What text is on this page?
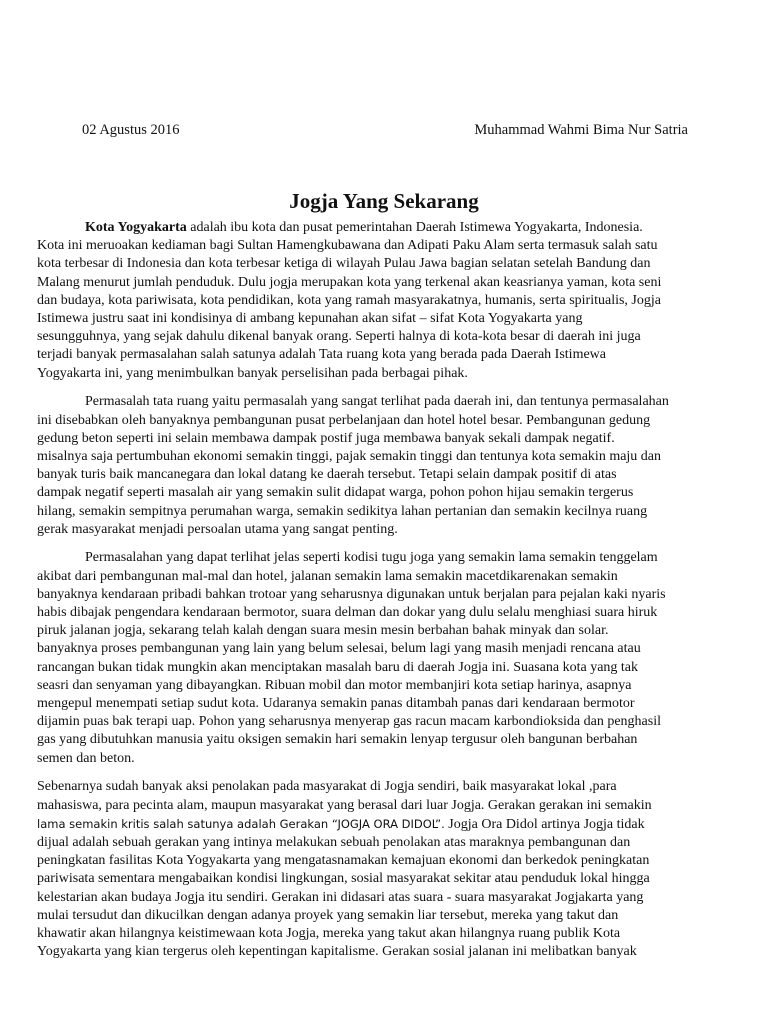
02 Agustus 2016	Muhammad Wahmi Bima Nur Satria
Jogja Yang Sekarang
Kota Yogyakarta adalah ibu kota dan pusat pemerintahan Daerah Istimewa Yogyakarta, Indonesia.
Kota ini meruoakan kediaman bagi Sultan Hamengkubawana dan Adipati Paku Alam serta termasuk salah satu
kota terbesar di Indonesia dan kota terbesar ketiga di wilayah Pulau Jawa bagian selatan setelah Bandung dan
Malang menurut jumlah penduduk. Dulu jogja merupakan kota yang terkenal akan keasrianya yaman, kota seni
dan budaya, kota pariwisata, kota pendidikan, kota yang ramah masyarakatnya, humanis, serta spiritualis, Jogja
Istimewa justru saat ini kondisinya di ambang kepunahan akan sifat – sifat Kota Yogyakarta yang
sesungguhnya, yang sejak dahulu dikenal banyak orang. Seperti halnya di kota-kota besar di daerah ini juga
terjadi banyak permasalahan salah satunya adalah Tata ruang kota yang berada pada Daerah Istimewa
Yogyakarta ini, yang menimbulkan banyak perselisihan pada berbagai pihak.
Permasalah tata ruang yaitu permasalah yang sangat terlihat pada daerah ini, dan tentunya permasalahan
ini disebabkan oleh banyaknya pembangunan pusat perbelanjaan dan hotel hotel besar. Pembangunan gedung
gedung beton seperti ini selain membawa dampak postif juga membawa banyak sekali dampak negatif.
misalnya saja pertumbuhan ekonomi semakin tinggi, pajak semakin tinggi dan tentunya kota semakin maju dan
banyak turis baik mancanegara dan lokal datang ke daerah tersebut. Tetapi selain dampak positif di atas
dampak negatif seperti masalah air yang semakin sulit didapat warga, pohon pohon hijau semakin tergerus
hilang, semakin sempitnya perumahan warga, semakin sedikitya lahan pertanian dan semakin kecilnya ruang
gerak masyarakat menjadi persoalan utama yang sangat penting.
Permasalahan yang dapat terlihat jelas seperti kodisi tugu joga yang semakin lama semakin tenggelam
akibat dari pembangunan mal-mal dan hotel, jalanan semakin lama semakin macetdikarenakan semakin
banyaknya kendaraan pribadi bahkan trotoar yang seharusnya digunakan untuk berjalan para pejalan kaki nyaris
habis dibajak pengendara kendaraan bermotor, suara delman dan dokar yang dulu selalu menghiasi suara hiruk
piruk jalanan jogja, sekarang telah kalah dengan suara mesin mesin berbahan bahak minyak dan solar.
banyaknya proses pembangunan yang lain yang belum selesai, belum lagi yang masih menjadi rencana atau
rancangan bukan tidak mungkin akan menciptakan masalah baru di daerah Jogja ini. Suasana kota yang tak
seasri dan senyaman yang dibayangkan. Ribuan mobil dan motor membanjiri kota setiap harinya, asapnya
mengepul menempati setiap sudut kota. Udaranya semakin panas ditambah panas dari kendaraan bermotor
dijamin puas bak terapi uap. Pohon yang seharusnya menyerap gas racun macam karbondioksida dan penghasil
gas yang dibutuhkan manusia yaitu oksigen semakin hari semakin lenyap tergusur oleh bangunan berbahan
semen dan beton.
Sebenarnya sudah banyak aksi penolakan pada masyarakat di Jogja sendiri, baik masyarakat lokal ,para
mahasiswa, para pecinta alam, maupun masyarakat yang berasal dari luar Jogja. Gerakan gerakan ini semakin
lama semakin kritis salah satunya adalah Gerakan “JOGJA ORA DIDOL”. Jogja Ora Didol artinya Jogja tidak
dijual adalah sebuah gerakan yang intinya melakukan sebuah penolakan atas maraknya pembangunan dan
peningkatan fasilitas Kota Yogyakarta yang mengatasnamakan kemajuan ekonomi dan berkedok peningkatan
pariwisata sementara mengabaikan kondisi lingkungan, sosial masyarakat sekitar atau penduduk lokal hingga
kelestarian akan budaya Jogja itu sendiri. Gerakan ini didasari atas suara - suara masyarakat Jogjakarta yang
mulai tersudut dan dikucilkan dengan adanya proyek yang semakin liar tersebut, mereka yang takut dan
khawatir akan hilangnya keistimewaan kota Jogja, mereka yang takut akan hilangnya ruang publik Kota
Yogyakarta yang kian tergerus oleh kepentingan kapitalisme. Gerakan sosial jalanan ini melibatkan banyak
